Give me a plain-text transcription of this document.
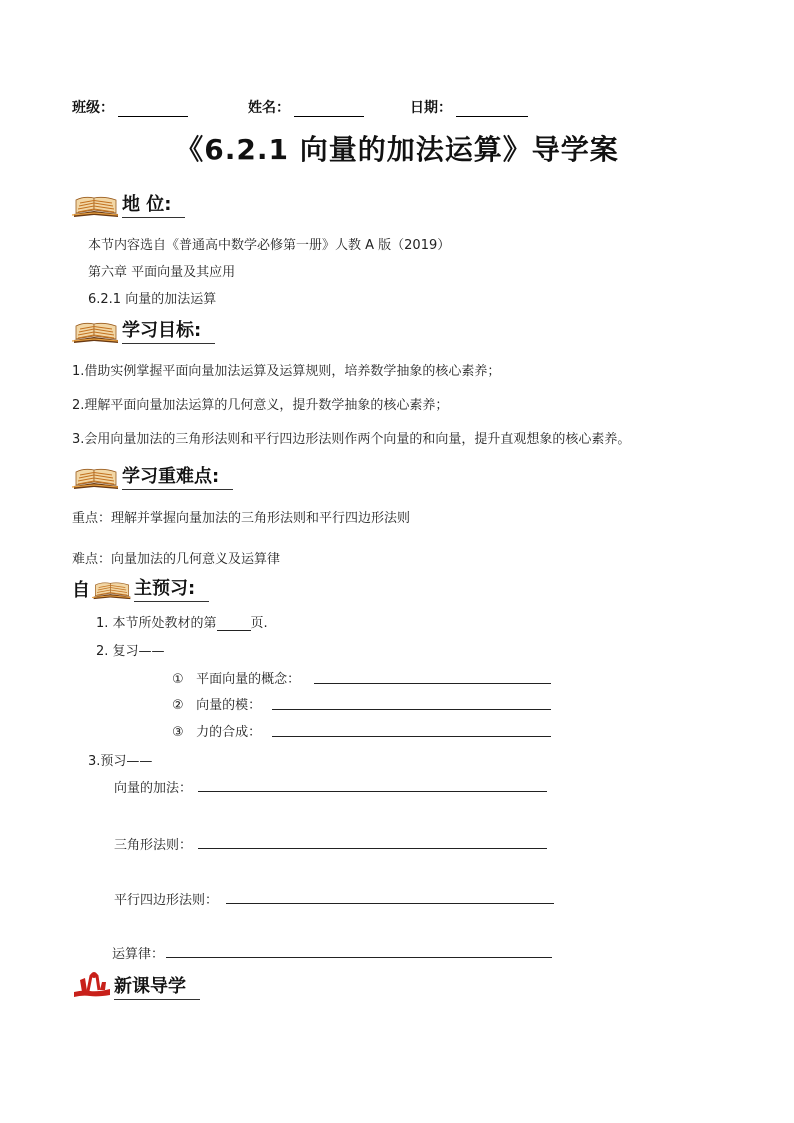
班级：	姓名：	日期：
《6.2.1 向量的加法运算》导学案
地 位:
本节内容选自《普通高中数学必修第一册》人教 A 版（2019）
第六章 平面向量及其应用
6.2.1 向量的加法运算
学习目标:
1.借助实例掌握平面向量加法运算及运算规则，培养数学抽象的核心素养；
2.理解平面向量加法运算的几何意义，提升数学抽象的核心素养；
3.会用向量加法的三角形法则和平行四边形法则作两个向量的和向量，提升直观想象的核心素养。
学习重难点:
重点：理解并掌握向量加法的三角形法则和平行四边形法则
难点：向量加法的几何意义及运算律
自 主预习:
1. 本节所处教材的第	页.
2. 复习——
① 平面向量的概念：
② 向量的模：
③ 力的合成：
3.预习——
向量的加法：
三角形法则：
平行四边形法则：
运算律：
新课导学
